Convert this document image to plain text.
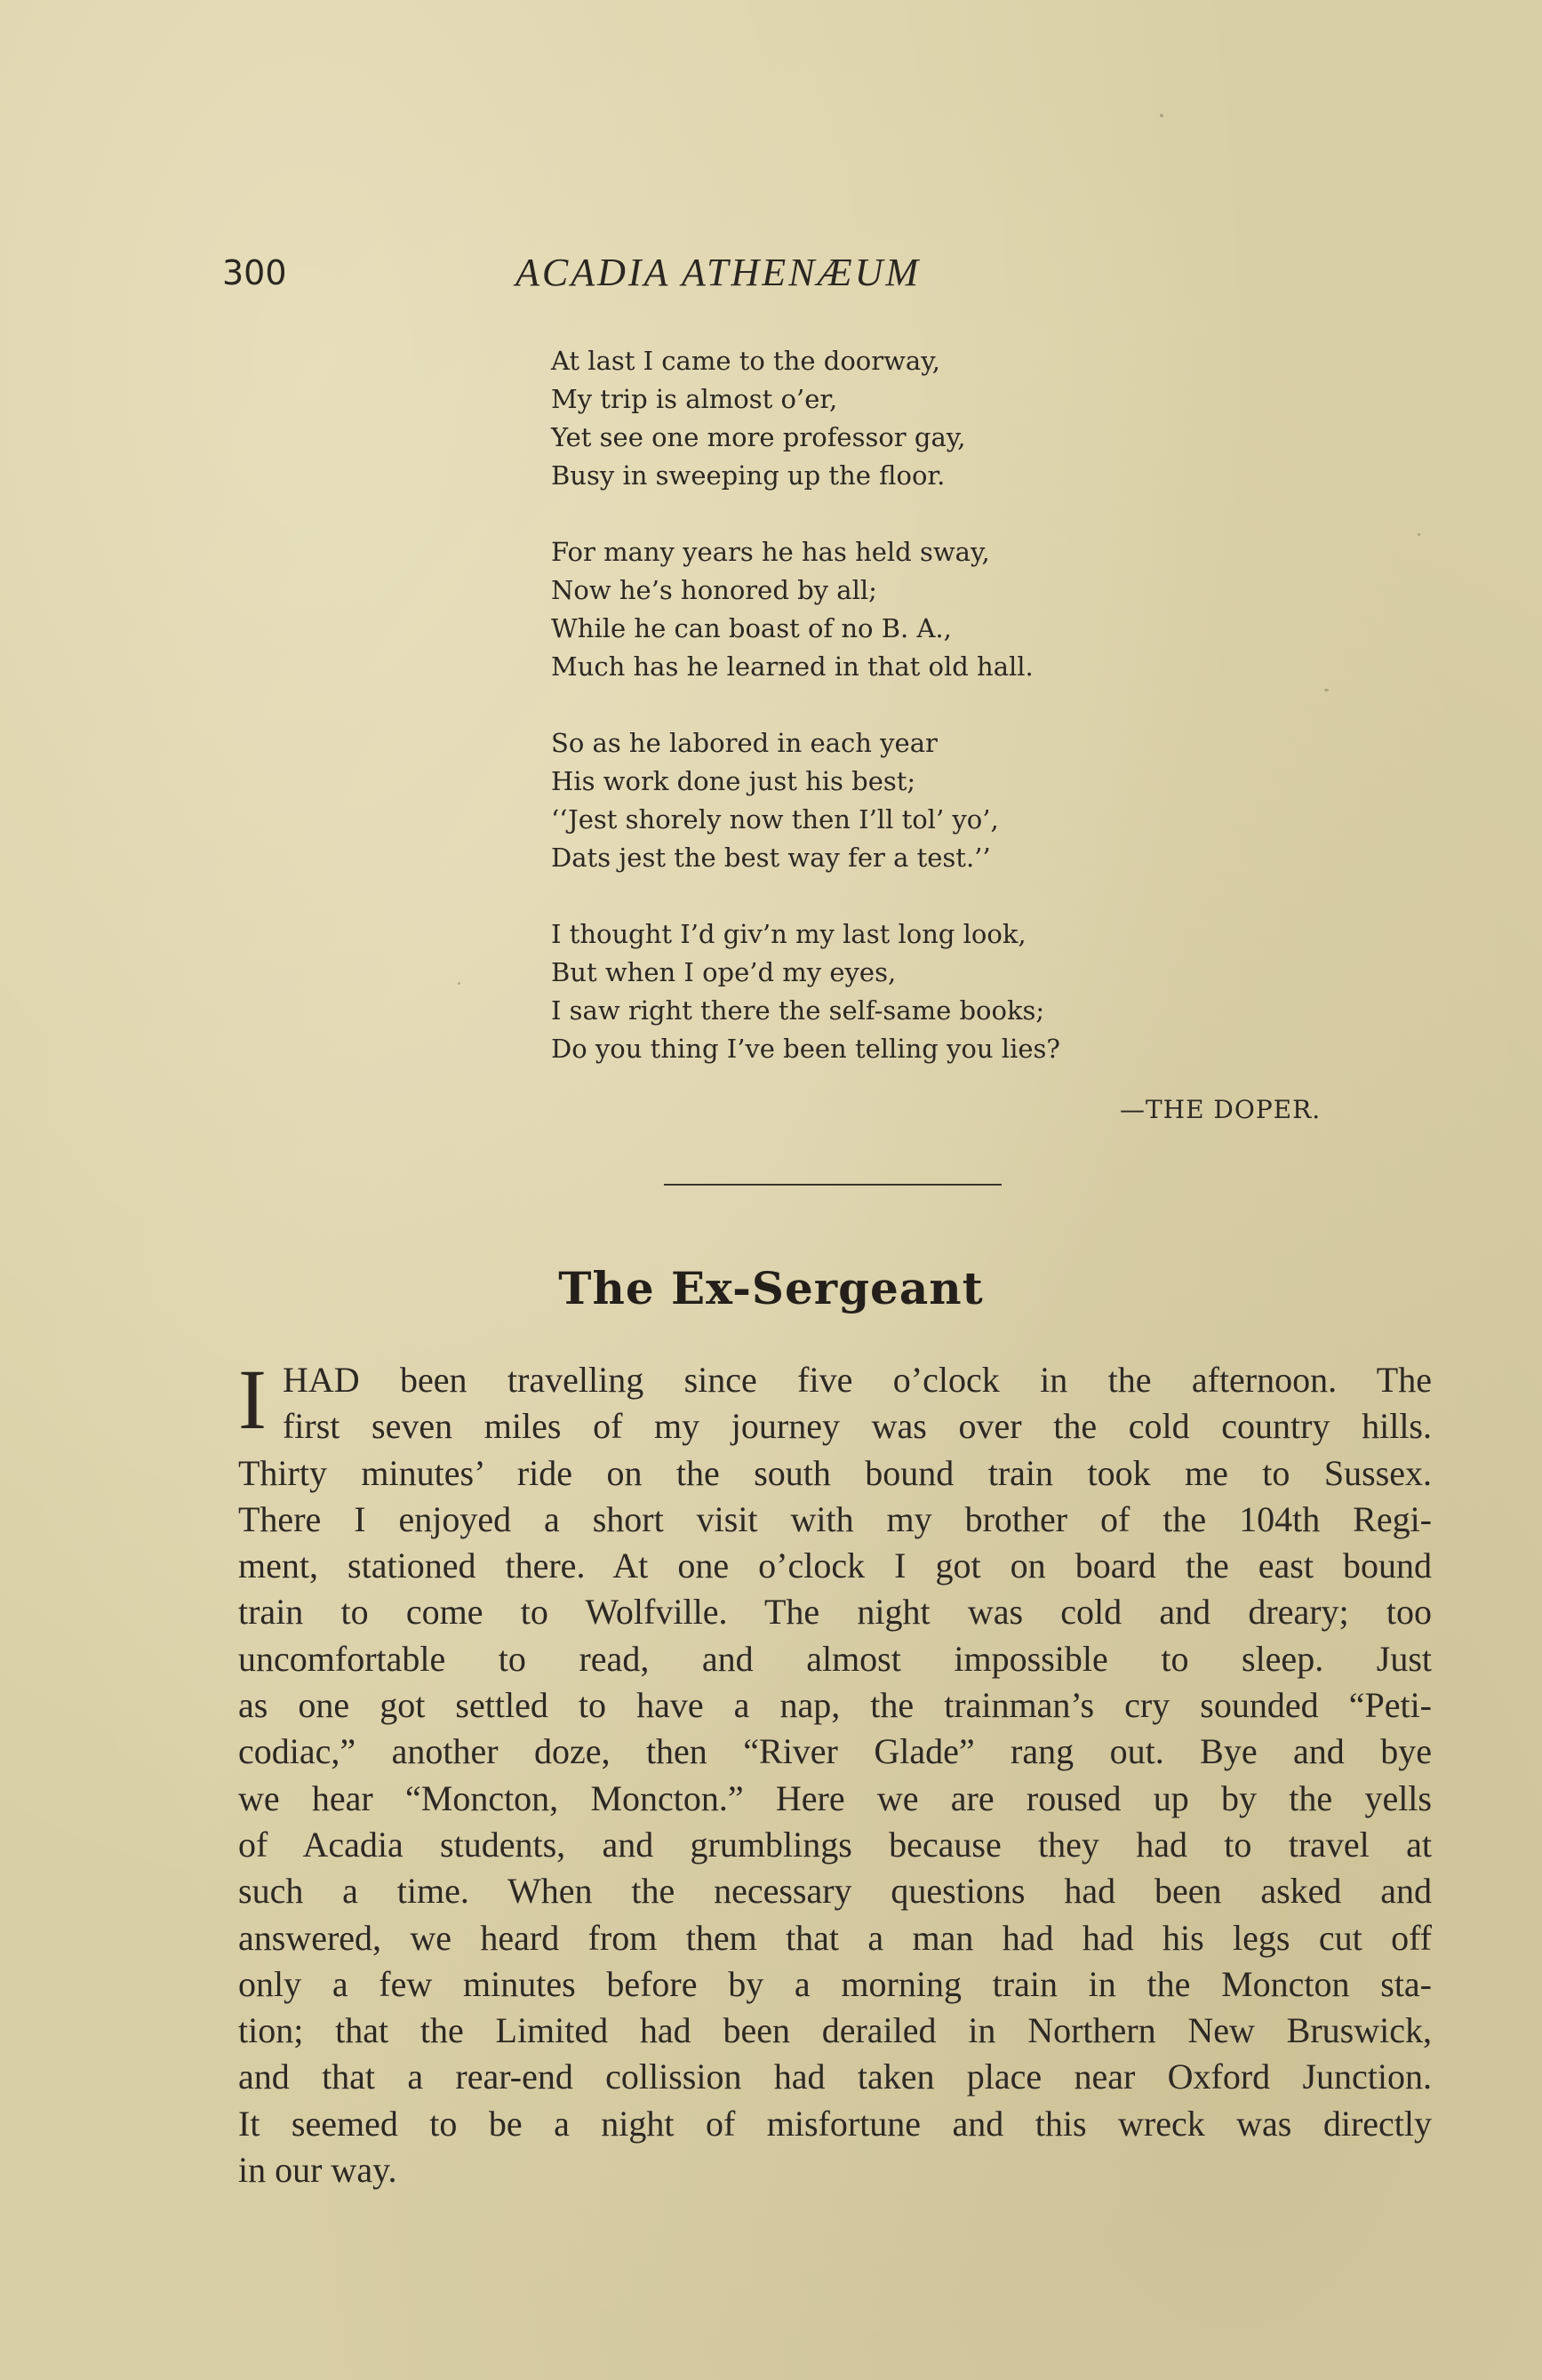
300	ACADIA ATHENÆUM
At last I came to the doorway,
My trip is almost o’er,
Yet see one more professor gay,
Busy in sweeping up the floor.
For many years he has held sway,
Now he’s honored by all;
While he can boast of no B. A.,
Much has he learned in that old hall.
So as he labored in each year
His work done just his best;
‘‘Jest shorely now then I’ll tol’ yo’,
Dats jest the best way fer a test.’’
I thought I’d giv’n my last long look,
But when I ope’d my eyes,
I saw right there the self-same books;
Do you thing I’ve been telling you lies?
—THE DOPER.
The Ex-Sergeant
I HAD been travelling since five o’clock in the afternoon. The
first seven miles of my journey was over the cold country hills.
Thirty minutes’ ride on the south bound train took me to Sussex.
There I enjoyed a short visit with my brother of the 104th Regi-
ment, stationed there. At one o’clock I got on board the east bound
train to come to Wolfville. The night was cold and dreary; too
uncomfortable to read, and almost impossible to sleep. Just
as one got settled to have a nap, the trainman’s cry sounded “Peti-
codiac,” another doze, then “River Glade” rang out. Bye and bye
we hear “Moncton, Moncton.” Here we are roused up by the yells
of Acadia students, and grumblings because they had to travel at
such a time. When the necessary questions had been asked and
answered, we heard from them that a man had had his legs cut off
only a few minutes before by a morning train in the Moncton sta-
tion; that the Limited had been derailed in Northern New Bruswick,
and that a rear-end collission had taken place near Oxford Junction.
It seemed to be a night of misfortune and this wreck was directly
in our way.
